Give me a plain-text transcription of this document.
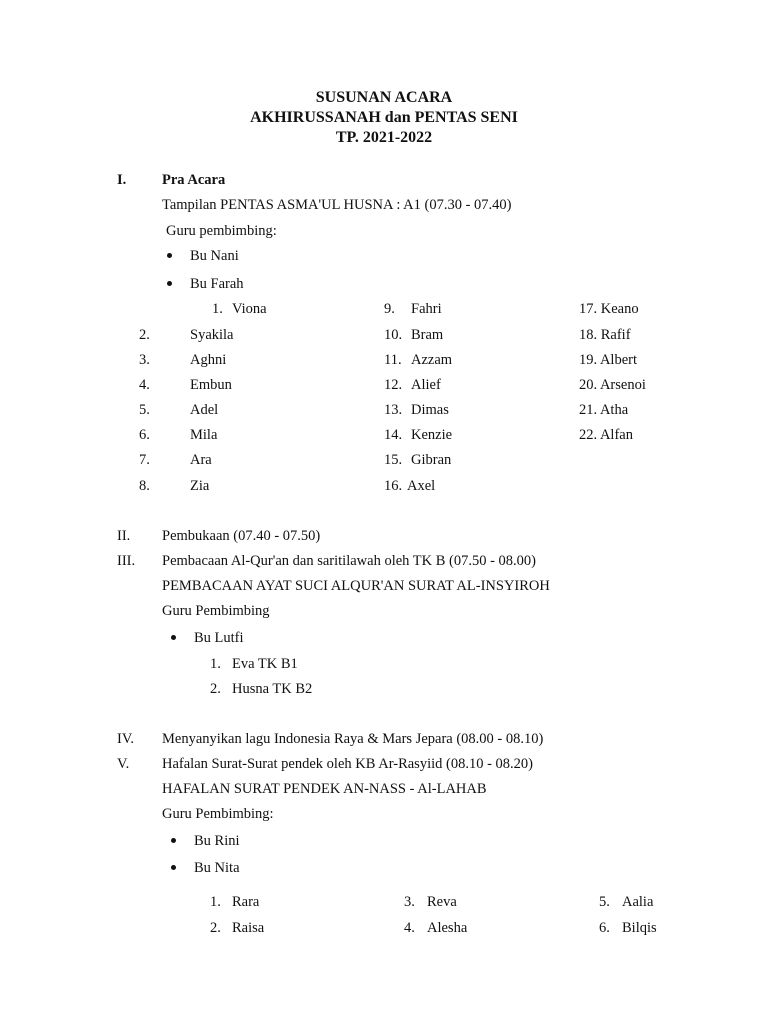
SUSUNAN ACARA
AKHIRUSSANAH dan PENTAS SENI
TP. 2021-2022
I. Pra Acara
Tampilan PENTAS ASMA'UL HUSNA : A1 (07.30 - 07.40)
Guru pembimbing:
Bu Nani
Bu Farah
1. Viona
2.	Syakila
3.	Aghni
4.	Embun
5.	Adel
6.	Mila
7.	Ara
8.	Zia
9. Fahri
10. Bram
11. Azzam
12. Alief
13. Dimas
14. Kenzie
15. Gibran
16. Axel
17. Keano
18. Rafif
19. Albert
20. Arsenoi
21. Atha
22. Alfan
II. Pembukaan (07.40 - 07.50)
III. Pembacaan Al-Qur'an dan saritilawah oleh TK B (07.50 - 08.00)
PEMBACAAN AYAT SUCI ALQUR'AN SURAT AL-INSYIROH
Guru Pembimbing
Bu Lutfi
1. Eva TK B1
2. Husna TK B2
IV. Menyanyikan lagu Indonesia Raya & Mars Jepara (08.00 - 08.10)
V. Hafalan Surat-Surat pendek oleh KB Ar-Rasyiid (08.10 - 08.20)
HAFALAN SURAT PENDEK AN-NASS - Al-LAHAB
Guru Pembimbing:
Bu Rini
Bu Nita
1. Rara
2. Raisa
3. Reva
4. Alesha
5. Aalia
6. Bilqis
